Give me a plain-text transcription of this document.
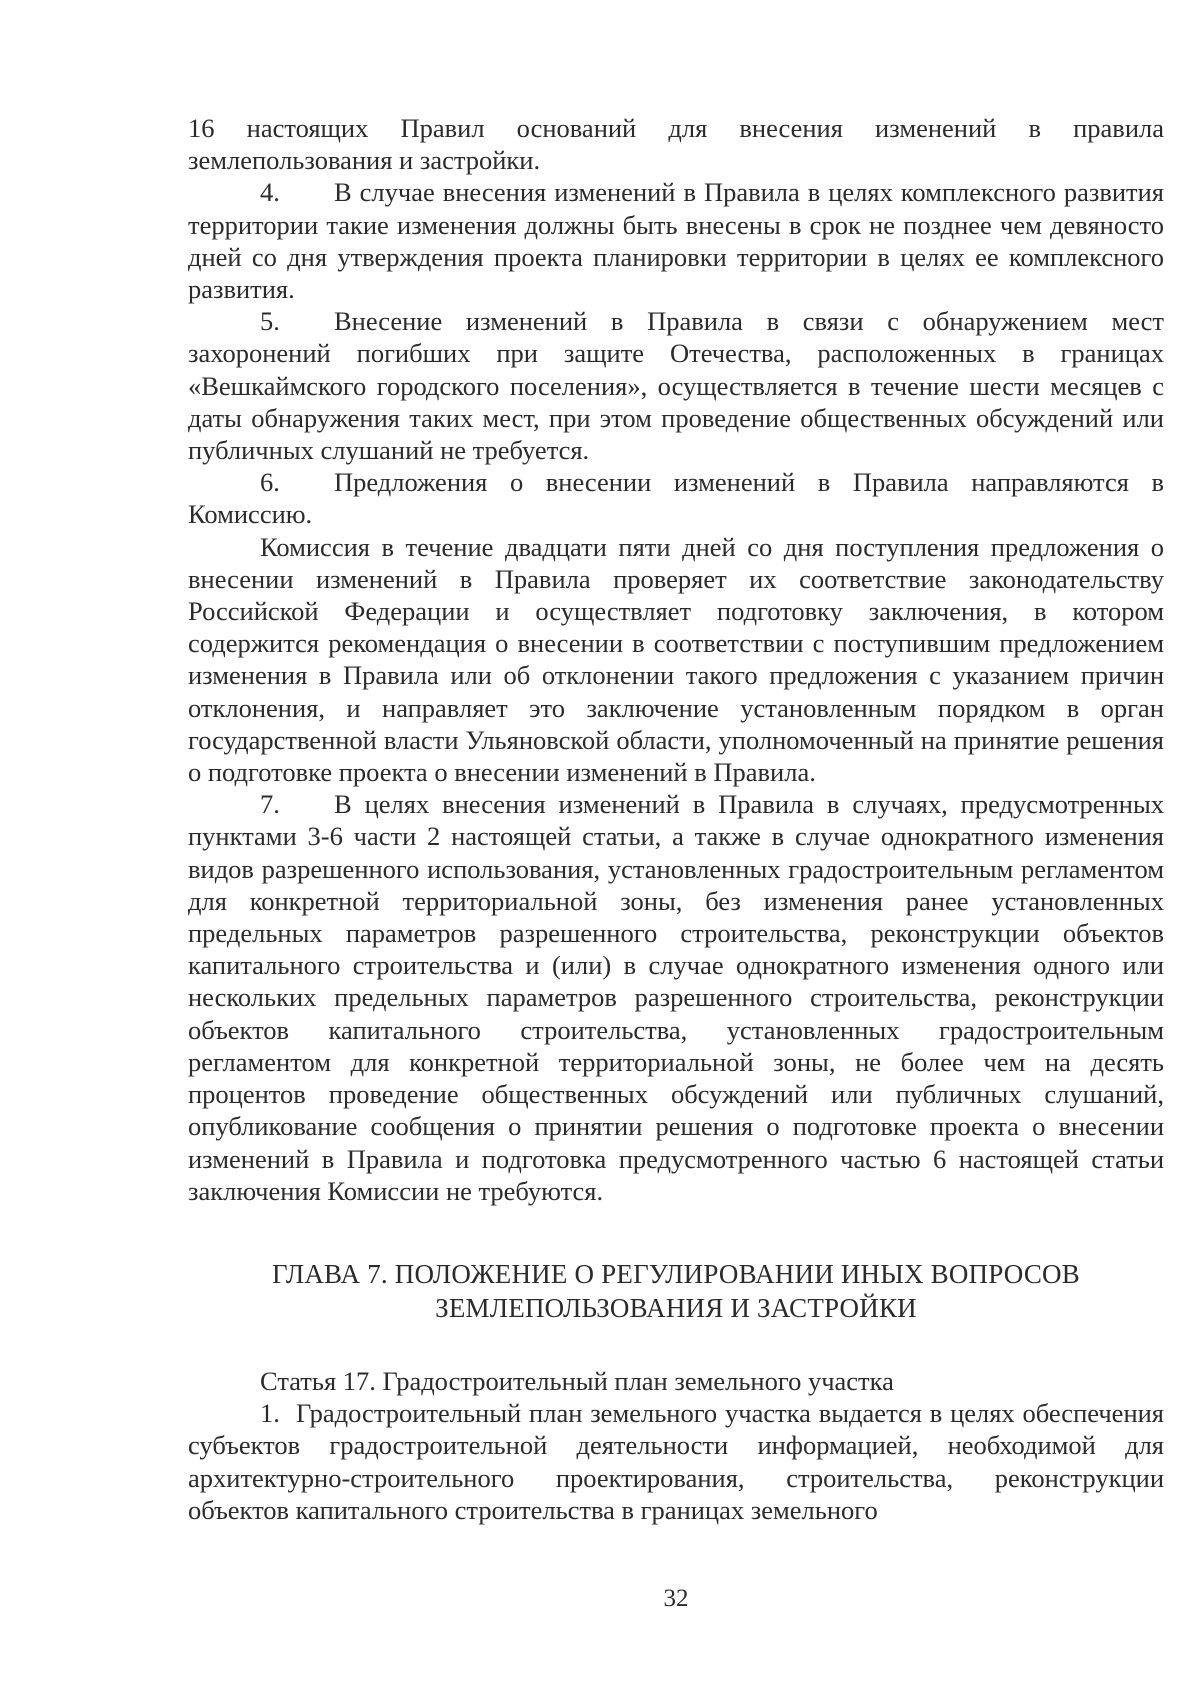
16 настоящих Правил оснований для внесения изменений в правила землепользования и застройки.

4. В случае внесения изменений в Правила в целях комплексного развития территории такие изменения должны быть внесены в срок не позднее чем девяносто дней со дня утверждения проекта планировки территории в целях ее комплексного развития.

5. Внесение изменений в Правила в связи с обнаружением мест захоронений погибших при защите Отечества, расположенных в границах «Вешкаймского городского поселения», осуществляется в течение шести месяцев с даты обнаружения таких мест, при этом проведение общественных обсуждений или публичных слушаний не требуется.

6. Предложения о внесении изменений в Правила направляются в Комиссию.

Комиссия в течение двадцати пяти дней со дня поступления предложения о внесении изменений в Правила проверяет их соответствие законодательству Российской Федерации и осуществляет подготовку заключения, в котором содержится рекомендация о внесении в соответствии с поступившим предложением изменения в Правила или об отклонении такого предложения с указанием причин отклонения, и направляет это заключение установленным порядком в орган государственной власти Ульяновской области, уполномоченный на принятие решения о подготовке проекта о внесении изменений в Правила.

7. В целях внесения изменений в Правила в случаях, предусмотренных пунктами 3-6 части 2 настоящей статьи, а также в случае однократного изменения видов разрешенного использования, установленных градостроительным регламентом для конкретной территориальной зоны, без изменения ранее установленных предельных параметров разрешенного строительства, реконструкции объектов капитального строительства и (или) в случае однократного изменения одного или нескольких предельных параметров разрешенного строительства, реконструкции объектов капитального строительства, установленных градостроительным регламентом для конкретной территориальной зоны, не более чем на десять процентов проведение общественных обсуждений или публичных слушаний, опубликование сообщения о принятии решения о подготовке проекта о внесении изменений в Правила и подготовка предусмотренного частью 6 настоящей статьи заключения Комиссии не требуются.

ГЛАВА 7. ПОЛОЖЕНИЕ О РЕГУЛИРОВАНИИ ИНЫХ ВОПРОСОВ
ЗЕМЛЕПОЛЬЗОВАНИЯ И ЗАСТРОЙКИ

Статья 17. Градостроительный план земельного участка

1. Градостроительный план земельного участка выдается в целях обеспечения субъектов градостроительной деятельности информацией, необходимой для архитектурно-строительного проектирования, строительства, реконструкции объектов капитального строительства в границах земельного

32
